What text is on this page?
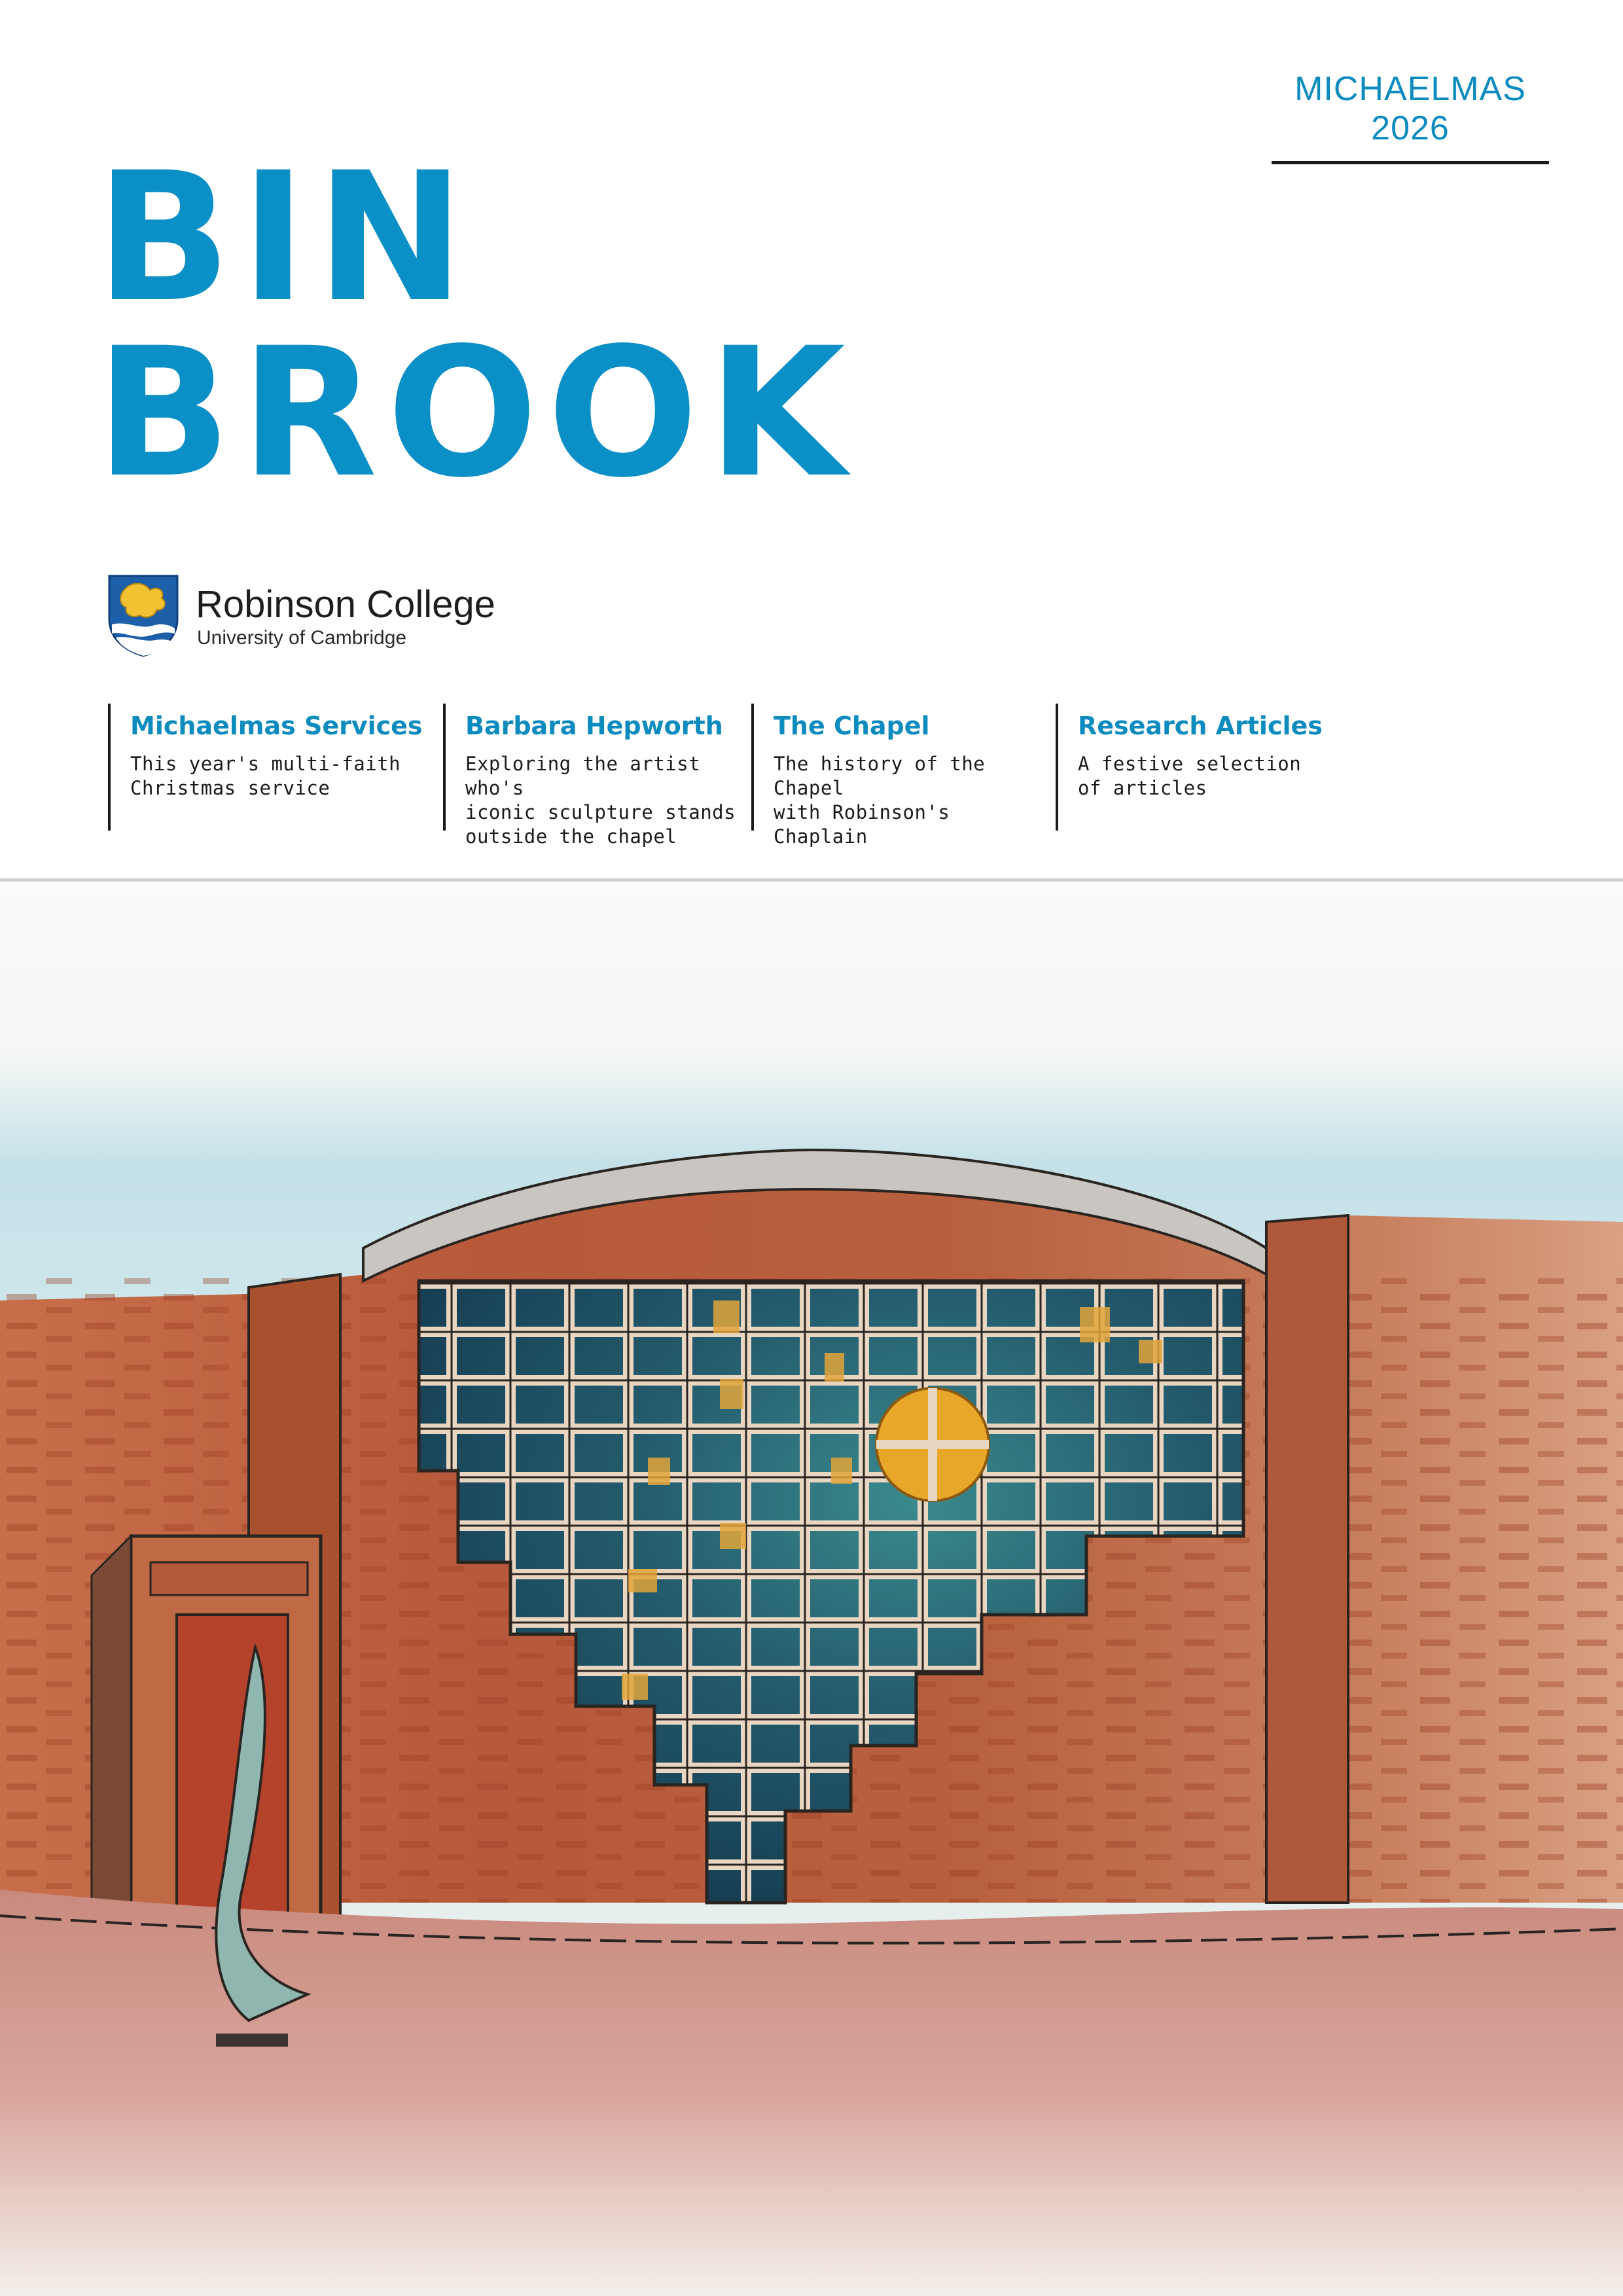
MICHAELMAS 2026
BIN
BROOK
Robinson College
University of Cambridge
Michaelmas Services
This year's multi-faith
Christmas service
Barbara Hepworth
Exploring the artist who's
iconic sculpture stands
outside the chapel
The Chapel
The history of the Chapel
with Robinson's Chaplain
Research Articles
A festive selection
of articles
